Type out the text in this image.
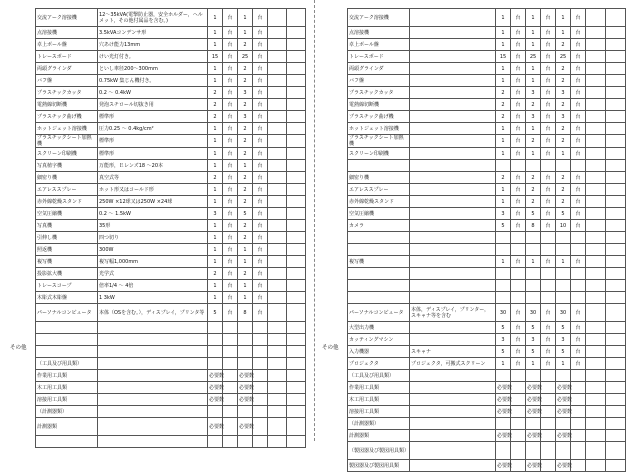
その他
交流アーク溶接機	12～35kVA(電撃防止器，安全ホルダー，ヘルメット，その他付属品を含む。)	1	台	1	台		
点溶接機	3.5kVAコンデンサ形	1	台	1	台		
卓上ボール盤	穴あけ能力13mm	1	台	2	台		
トレースボード	けい光灯付き。	15	台	25	台		
両頭グラインダ	といし車径200～300mm	1	台	2	台		
バフ盤	0.75kW 集じん機付き。	1	台	2	台		
プラスチックカッタ	0.2 ～ 0.4kW	2	台	3	台		
電熱線切断機	発泡スチロール切抜き用	2	台	2	台		
プラスチック曲げ機	標準形	2	台	3	台		
ホットジェット溶接機	圧力0.25 ～ 0.4kg/cm²	1	台	2	台		
プラスチックシート加熱機	標準形	1	台	2	台		
スクリーン印刷機	標準形	1	台	2	台		
写真植字機	万能形，Ｅレンズ18 ～20本	1	台	1	台		
細密り機	真空式等	2	台	2	台		
エアレススプレー	ホット形又はコールド形	1	台	2	台		
赤外線乾燥スタンド	250W ×12球又は250W ×24球	1	台	2	台		
空気圧縮機	0.2 ～ 1.5kW	3	台	5	台		
写真機	35形	1	台	2	台		
引伸し機	四つ切り	1	台	2	台		
照返機	300W	1	台	1	台		
複写機	複写幅1,000mm	1	台	1	台		
投影拡大機	光学式	2	台	2	台		
トレースコープ	倍率1/4 ～ 4倍	1	台	1	台		
木彫式木彫盤	1 3kW	1	台	1	台		
パーソナルコンピュータ	本体（OSを含む。），ディスプレイ，プリンタ等	5	台	8	台		

（工具及び用具類）							
作業用工具類		必要数		必要数			
木工用工具類		必要数		必要数			
溶接用工具類		必要数		必要数			
（計測器類）							
計測器類		必要数		必要数			

その他
交流アーク溶接機		1	台	1	台	1	台		
点溶接機		1	台	1	台	1	台		
卓上ボール盤		1	台	1	台	2	台		
トレースボード		15	台	25	台	25	台		
両頭グラインダ		1	台	1	台	2	台		
バフ盤		1	台	1	台	2	台		
プラスチックカッタ		2	台	3	台	3	台		
電熱線切断機		2	台	2	台	2	台		
プラスチック曲げ機		2	台	3	台	3	台		
ホットジェット溶接機		1	台	1	台	2	台		
プラスチックシート加熱機		1	台	2	台	2	台		
スクリーン印刷機		1	台	1	台	1	台		

細密り機		2	台	2	台	2	台		
エアレススプレー		1	台	2	台	2	台		
赤外線乾燥スタンド		1	台	2	台	2	台		
空気圧縮機		3	台	5	台	5	台		
カメラ		5	台	8	台	10	台		

複写機		1	台	1	台	1	台		

パーソナルコンピュータ	本体，ディスプレイ，プリンター，スキャナ等を含む	30	台	30	台	30	台		
大型出力機		5	台	5	台	5	台		
カッティングマシン		3	台	3	台	3	台		
入力機器	スキャナ	5	台	5	台	5	台		
プロジェクタ	プロジェクタ，可搬式スクリーン	1	台	1	台	1	台		
（工具及び用具類）									
作業用工具類		必要数		必要数		必要数			
木工用工具類		必要数		必要数		必要数			
溶接用工具類		必要数		必要数		必要数			
（計測器類）									
計測器類		必要数		必要数		必要数			
（製図器及び製図用具類）									
製図器及び製図用具類		必要数		必要数		必要数			
